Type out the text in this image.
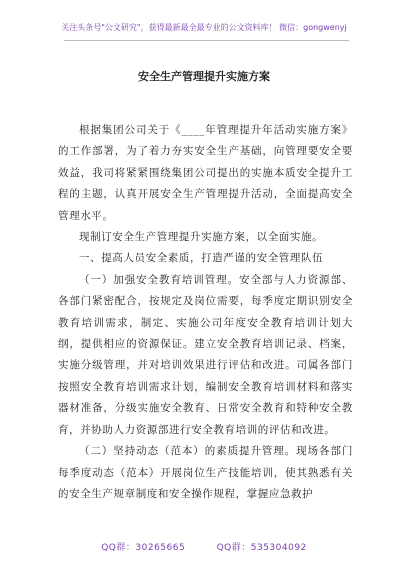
关注头条号"公文研究"，获得最新最全最专业的公文资料库！ 微信：gongwenyj
安全生产管理提升实施方案

根据集团公司关于《____年管理提升年活动实施方案》的工作部署，为了着力夯实安全生产基础，向管理要安全要效益，我司将紧紧围绕集团公司提出的实施本质安全提升工程的主题，认真开展安全生产管理提升活动，全面提高安全管理水平。

现制订安全生产管理提升实施方案，以全面实施。

一、提高人员安全素质，打造严谨的安全管理队伍

（一）加强安全教育培训管理。安全部与人力资源部、各部门紧密配合，按规定及岗位需要，每季度定期识别安全教育培训需求，制定、实施公司年度安全教育培训计划大纲，提供相应的资源保证。建立安全教育培训记录、档案，实施分级管理，并对培训效果进行评估和改进。司属各部门按照安全教育培训需求计划，编制安全教育培训材料和落实器材准备，分级实施安全教育、日常安全教育和特种安全教育，并协助人力资源部进行安全教育培训的评估和改进。

（二）坚持动态（范本）的素质提升管理。现场各部门每季度动态（范本）开展岗位生产技能培训，使其熟悉有关的安全生产规章制度和安全操作规程，掌握应急救护

QQ群：30265665	QQ群：535304092
